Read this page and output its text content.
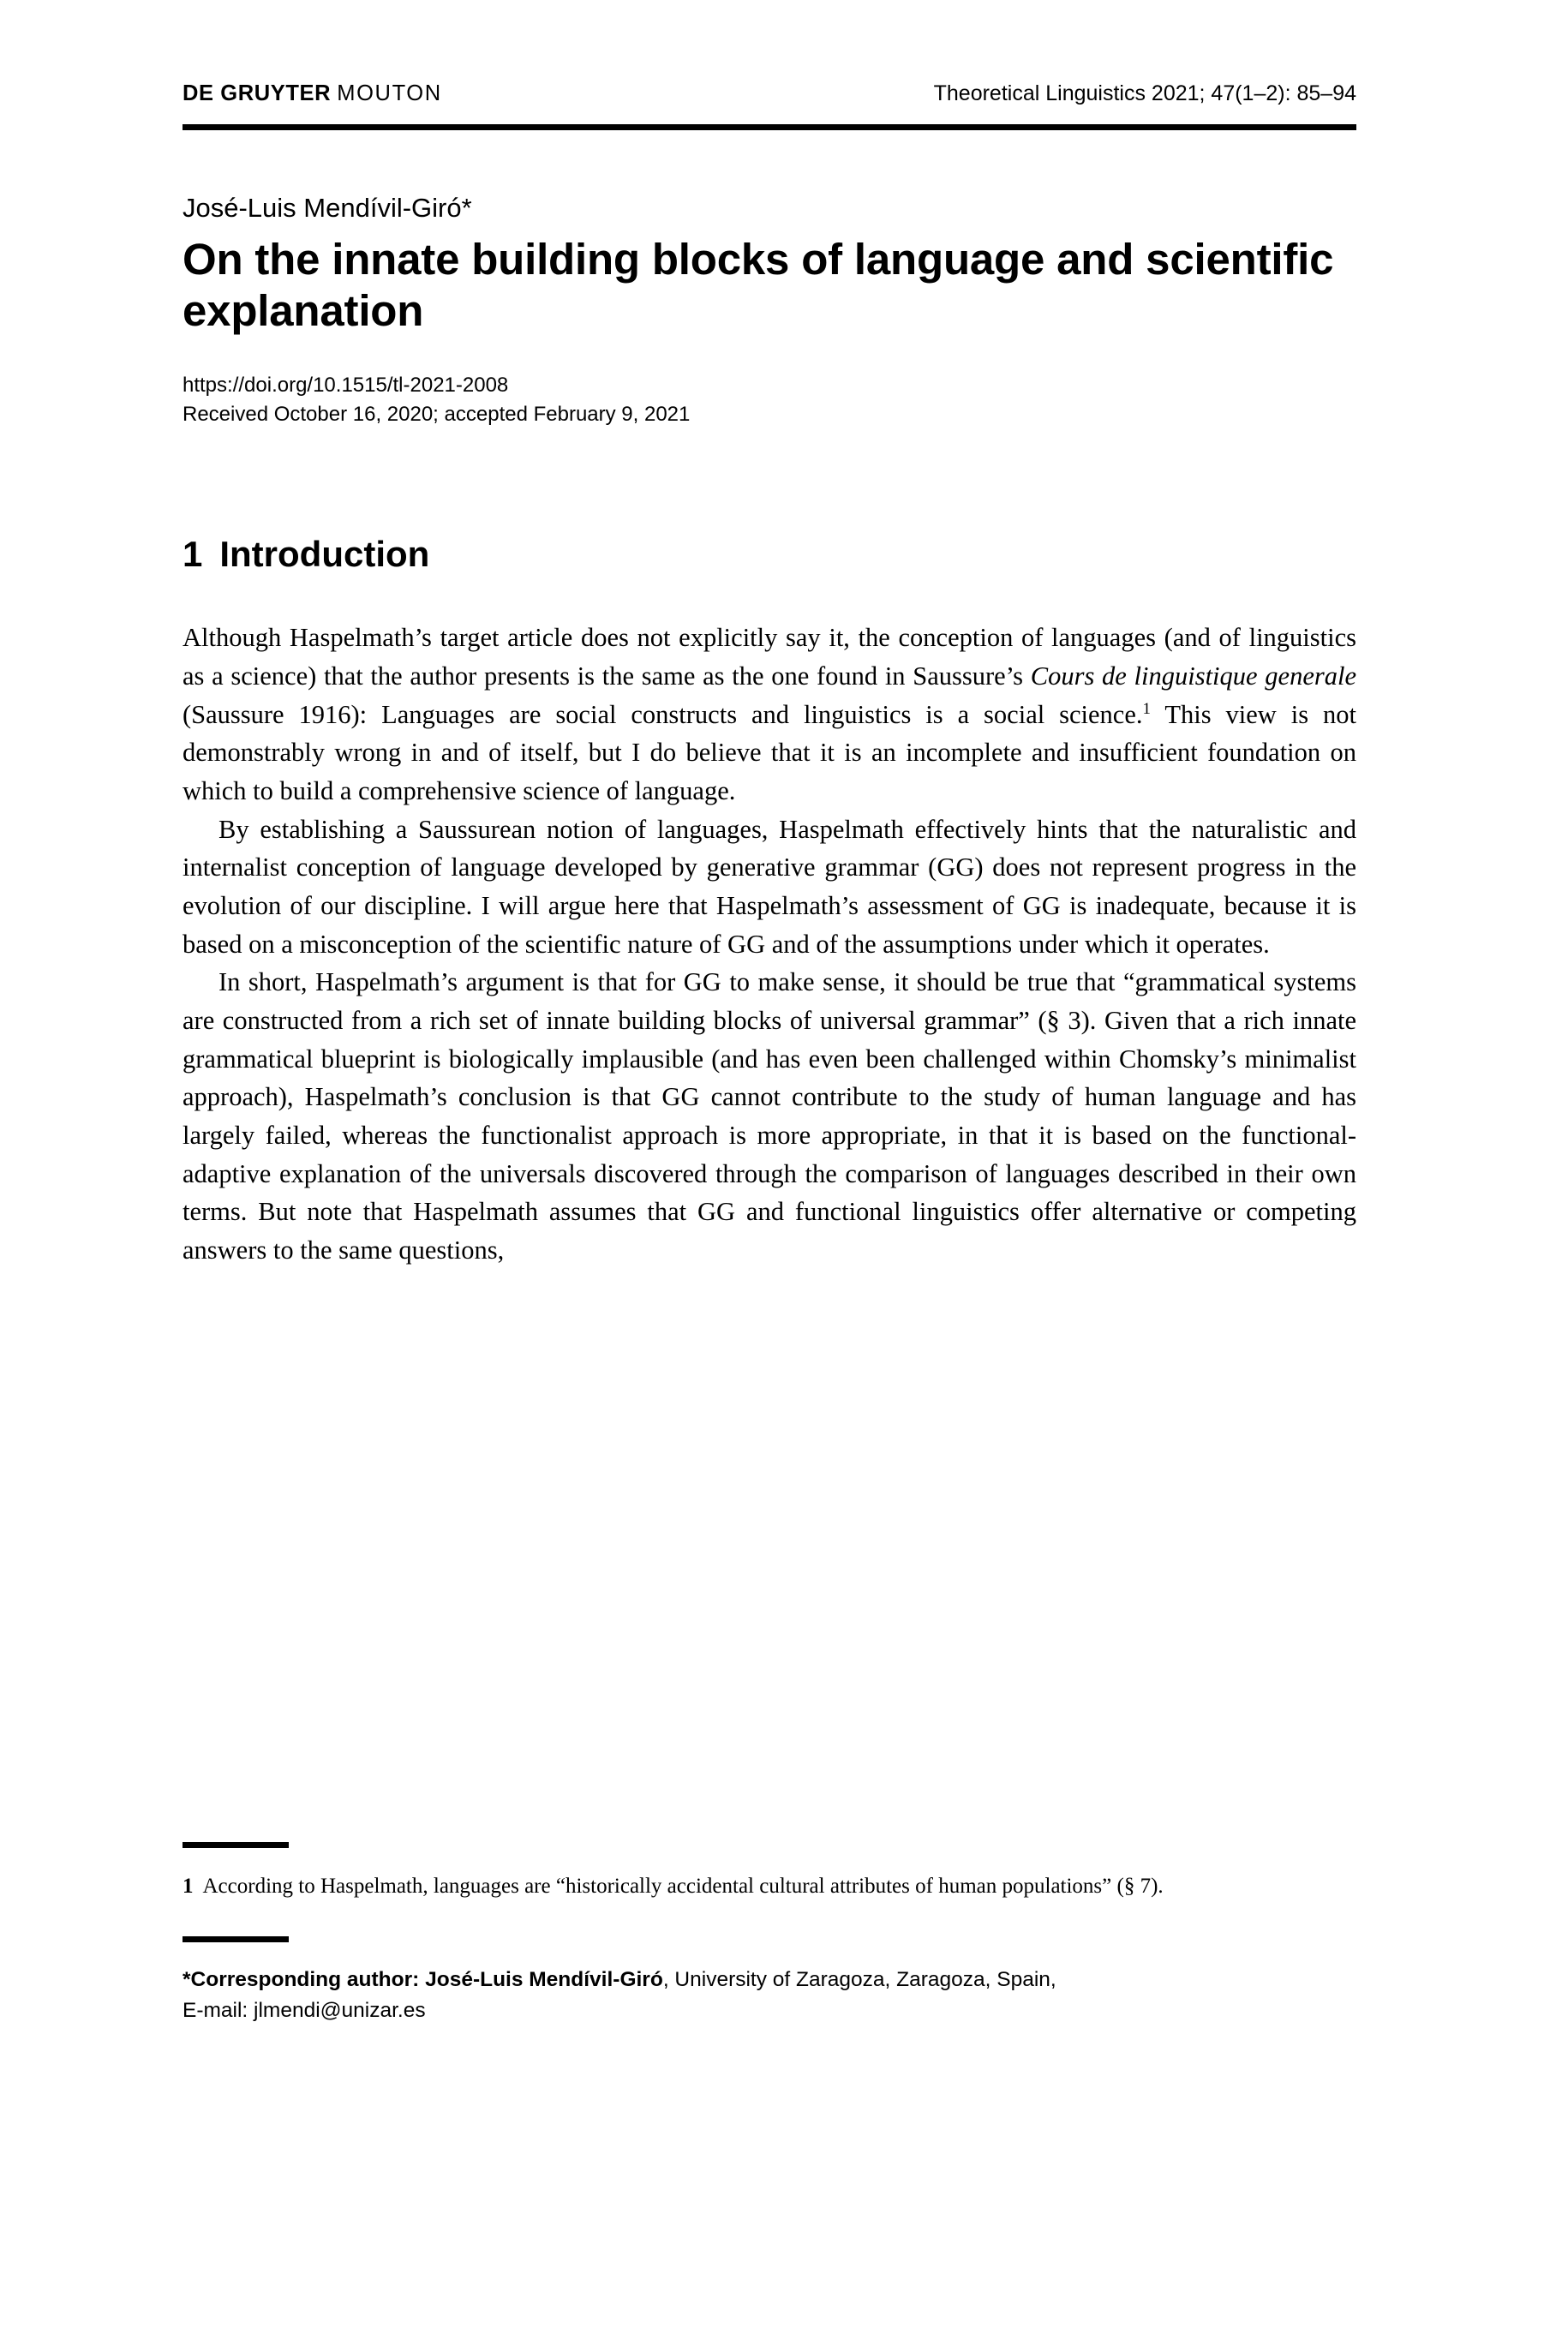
DE GRUYTER MOUTON	Theoretical Linguistics 2021; 47(1–2): 85–94
José-Luis Mendívil-Giró*
On the innate building blocks of language and scientific explanation
https://doi.org/10.1515/tl-2021-2008
Received October 16, 2020; accepted February 9, 2021
1 Introduction

Although Haspelmath’s target article does not explicitly say it, the conception of languages (and of linguistics as a science) that the author presents is the same as the one found in Saussure’s Cours de linguistique generale (Saussure 1916): Languages are social constructs and linguistics is a social science.$^1$ This view is not demonstrably wrong in and of itself, but I do believe that it is an incomplete and insufficient foundation on which to build a comprehensive science of language.

By establishing a Saussurean notion of languages, Haspelmath effectively hints that the naturalistic and internalist conception of language developed by generative grammar (GG) does not represent progress in the evolution of our discipline. I will argue here that Haspelmath’s assessment of GG is inadequate, because it is based on a misconception of the scientific nature of GG and of the assumptions under which it operates.

In short, Haspelmath’s argument is that for GG to make sense, it should be true that “grammatical systems are constructed from a rich set of innate building blocks of universal grammar” (§ 3). Given that a rich innate grammatical blueprint is biologically implausible (and has even been challenged within Chomsky’s minimalist approach), Haspelmath’s conclusion is that GG cannot contribute to the study of human language and has largely failed, whereas the functionalist approach is more appropriate, in that it is based on the functional-adaptive explanation of the universals discovered through the comparison of languages described in their own terms. But note that Haspelmath assumes that GG and functional linguistics offer alternative or competing answers to the same questions,

1 According to Haspelmath, languages are “historically accidental cultural attributes of human populations” (§ 7).
*Corresponding author: José-Luis Mendívil-Giró, University of Zaragoza, Zaragoza, Spain,
E-mail: jlmendi@unizar.es
